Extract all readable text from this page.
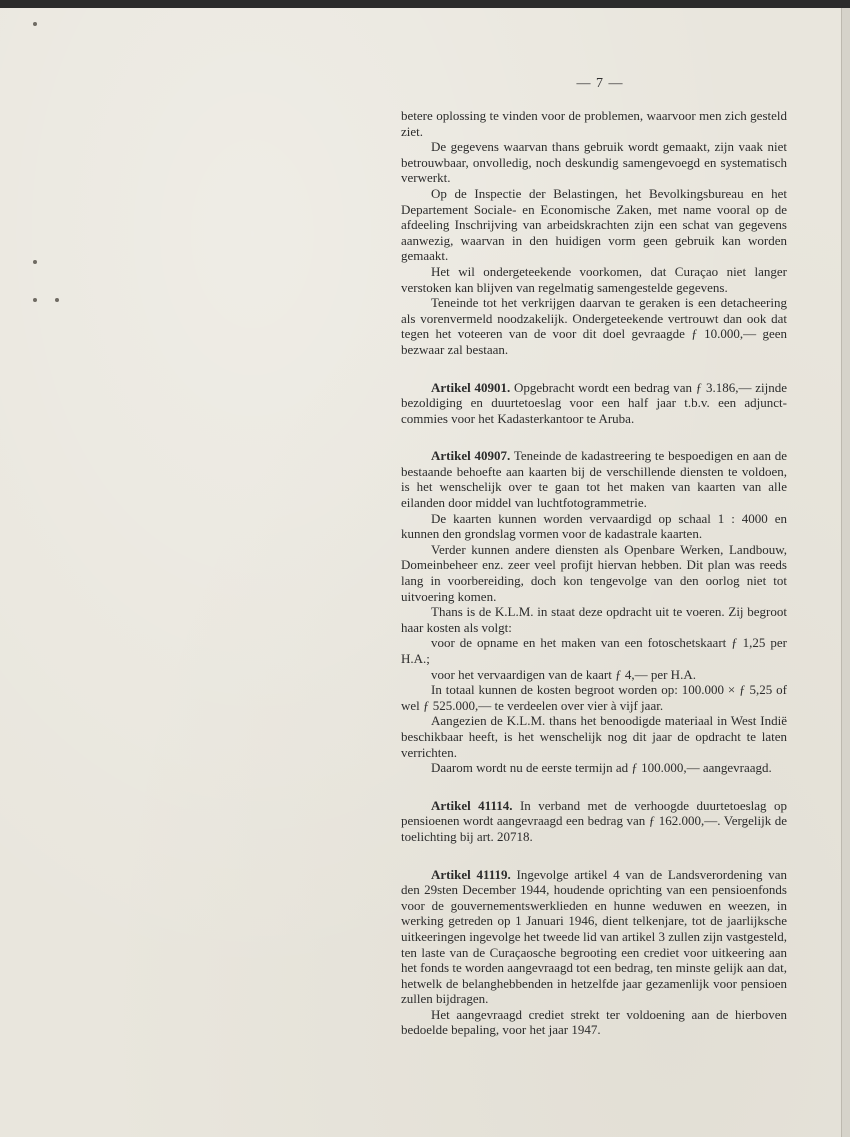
— 7 —

betere oplossing te vinden voor de problemen, waarvoor men zich gesteld ziet.

De gegevens waarvan thans gebruik wordt gemaakt, zijn vaak niet betrouwbaar, onvolledig, noch deskundig samengevoegd en systematisch verwerkt.

Op de Inspectie der Belastingen, het Bevolkingsbureau en het Departement Sociale- en Economische Zaken, met name vooral op de afdeeling Inschrijving van arbeidskrachten zijn een schat van gegevens aanwezig, waarvan in den huidigen vorm geen gebruik kan worden gemaakt.

Het wil ondergeteekende voorkomen, dat Curaçao niet langer verstoken kan blijven van regelmatig samengestelde gegevens.

Teneinde tot het verkrijgen daarvan te geraken is een detacheering als vorenvermeld noodzakelijk. Ondergeteekende vertrouwt dan ook dat tegen het voteeren van de voor dit doel gevraagde ƒ 10.000,— geen bezwaar zal bestaan.

Artikel 40901. Opgebracht wordt een bedrag van ƒ 3.186,— zijnde bezoldiging en duurtetoeslag voor een half jaar t.b.v. een adjunct-commies voor het Kadasterkantoor te Aruba.

Artikel 40907. Teneinde de kadastreering te bespoedigen en aan de bestaande behoefte aan kaarten bij de verschillende diensten te voldoen, is het wenschelijk over te gaan tot het maken van kaarten van alle eilanden door middel van luchtfotogrammetrie.

De kaarten kunnen worden vervaardigd op schaal 1 : 4000 en kunnen den grondslag vormen voor de kadastrale kaarten.

Verder kunnen andere diensten als Openbare Werken, Landbouw, Domeinbeheer enz. zeer veel profijt hiervan hebben. Dit plan was reeds lang in voorbereiding, doch kon tengevolge van den oorlog niet tot uitvoering komen.

Thans is de K.L.M. in staat deze opdracht uit te voeren. Zij begroot haar kosten als volgt:

voor de opname en het maken van een fotoschetskaart ƒ 1,25 per H.A.;

voor het vervaardigen van de kaart ƒ 4,— per H.A.

In totaal kunnen de kosten begroot worden op: 100.000 × ƒ 5,25 of wel ƒ 525.000,— te verdeelen over vier à vijf jaar.

Aangezien de K.L.M. thans het benoodigde materiaal in West Indië beschikbaar heeft, is het wenschelijk nog dit jaar de opdracht te laten verrichten.

Daarom wordt nu de eerste termijn ad ƒ 100.000,— aangevraagd.

Artikel 41114. In verband met de verhoogde duurtetoeslag op pensioenen wordt aangevraagd een bedrag van ƒ 162.000,—. Vergelijk de toelichting bij art. 20718.

Artikel 41119. Ingevolge artikel 4 van de Landsverordening van den 29sten December 1944, houdende oprichting van een pensioenfonds voor de gouvernementswerklieden en hunne weduwen en weezen, in werking getreden op 1 Januari 1946, dient telkenjare, tot de jaarlijksche uitkeeringen ingevolge het tweede lid van artikel 3 zullen zijn vastgesteld, ten laste van de Curaçaosche begrooting een crediet voor uitkeering aan het fonds te worden aangevraagd tot een bedrag, ten minste gelijk aan dat, hetwelk de belanghebbenden in hetzelfde jaar gezamenlijk voor pensioen zullen bijdragen.

Het aangevraagd crediet strekt ter voldoening aan de hierboven bedoelde bepaling, voor het jaar 1947.
